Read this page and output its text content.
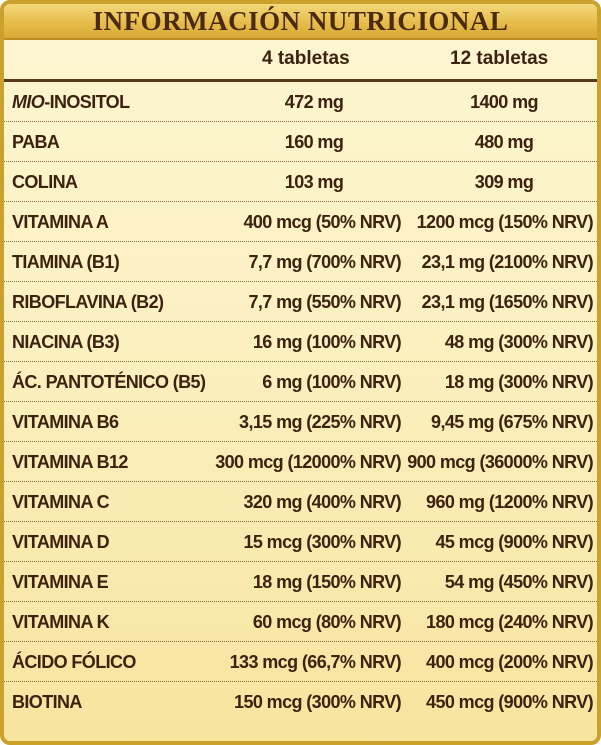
INFORMACIÓN NUTRICIONAL
4 tabletas	12 tabletas
MIO -INOSITOL	472 mg	1400 mg
PABA	160 mg	480 mg
COLINA	103 mg	309 mg
VITAMINA A	400 mcg (50% NRV) 1200 mcg (150% NRV)
TIAMINA (B1)	7,7 mg (700% NRV) 23,1 mg (2100% NRV)
RIBOFLAVINA (B2)	7,7 mg (550% NRV) 23,1 mg (1650% NRV)
NIACINA (B3)	16 mg (100% NRV) 48 mg (300% NRV)
ÁC. PANTOTÉNICO (B5)	6 mg (100% NRV) 18 mg (300% NRV)
VITAMINA B6	3,15 mg (225% NRV) 9,45 mg (675% NRV)
VITAMINA B12	300 mcg (12000% NRV) 900 mcg (36000% NRV)
VITAMINA C	320 mg (400% NRV) 960 mg (1200% NRV)
VITAMINA D	15 mcg (300% NRV) 45 mcg (900% NRV)
VITAMINA E	18 mg (150% NRV) 54 mg (450% NRV)
VITAMINA K	60 mcg (80% NRV) 180 mcg (240% NRV)
ÁCIDO FÓLICO	133 mcg (66,7% NRV) 400 mcg (200% NRV)
BIOTINA	150 mcg (300% NRV) 450 mcg (900% NRV)
